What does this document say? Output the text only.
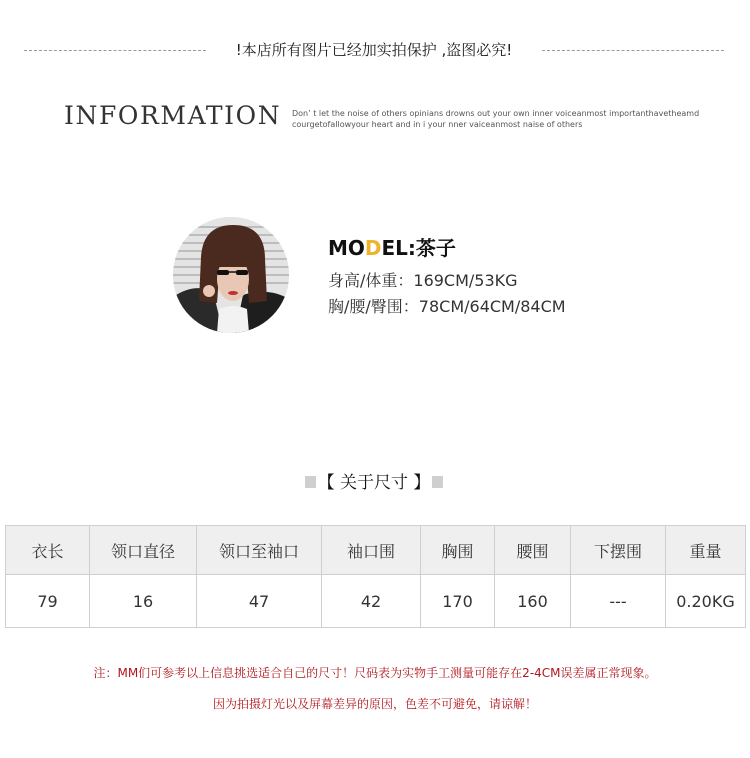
!本店所有图片已经加实拍保护 ,盗图必究!
INFORMATION Don’ t let the noise of others opinians drowns out your own inner voiceanmost importanthavetheamd courgetofallowyour heart and in i your nner vaiceanmost naise of others
MODEL:茶子
身高/体重：169CM/53KG
胸/腰/臀围：78CM/64CM/84CM
【 关于尺寸 】
衣长	领口直径	领口至袖口	袖口围	胸围	腰围	下摆围	重量
79	16	47	42	170	160	---	0.20KG
注：MM们可参考以上信息挑选适合自己的尺寸！尺码表为实物手工测量可能存在2-4CM误差属正常现象。
因为拍摄灯光以及屏幕差异的原因，色差不可避免，请谅解！
